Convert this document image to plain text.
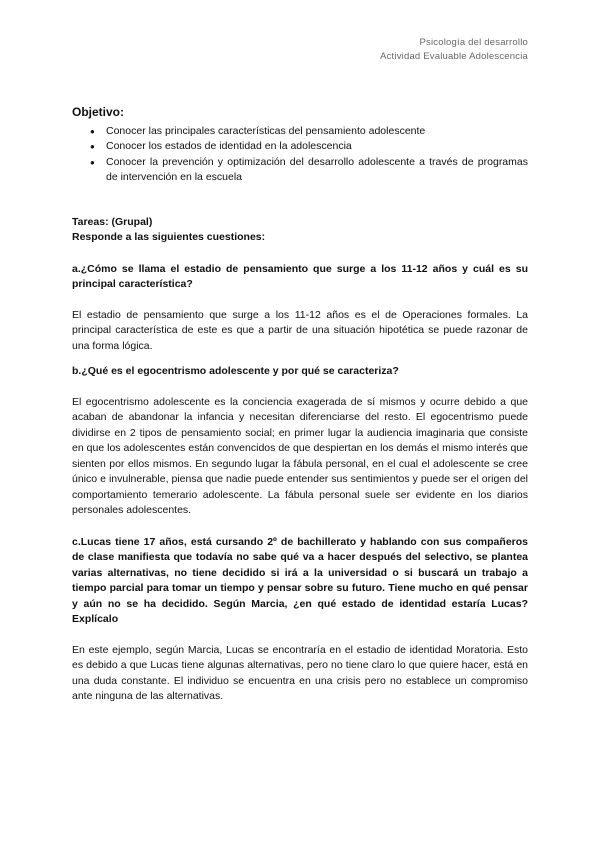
Psicología del desarrollo
Actividad Evaluable Adolescencia
Objetivo:
● Conocer las principales características del pensamiento adolescente
● Conocer los estados de identidad en la adolescencia
● Conocer la prevención y optimización del desarrollo adolescente a través de programas de intervención en la escuela
Tareas: (Grupal)
Responde a las siguientes cuestiones:
a.¿Cómo se llama el estadio de pensamiento que surge a los 11-12 años y cuál es su principal característica?
El estadio de pensamiento que surge a los 11-12 años es el de Operaciones formales. La principal característica de este es que a partir de una situación hipotética se puede razonar de una forma lógica.
b.¿Qué es el egocentrismo adolescente y por qué se caracteriza?
El egocentrismo adolescente es la conciencia exagerada de sí mismos y ocurre debido a que acaban de abandonar la infancia y necesitan diferenciarse del resto. El egocentrismo puede dividirse en 2 tipos de pensamiento social; en primer lugar la audiencia imaginaria que consiste en que los adolescentes están convencidos de que despiertan en los demás el mismo interés que sienten por ellos mismos. En segundo lugar la fábula personal, en el cual el adolescente se cree único e invulnerable, piensa que nadie puede entender sus sentimientos y puede ser el origen del comportamiento temerario adolescente. La fábula personal suele ser evidente en los diarios personales adolescentes.
c.Lucas tiene 17 años, está cursando 2º de bachillerato y hablando con sus compañeros de clase manifiesta que todavía no sabe qué va a hacer después del selectivo, se plantea varias alternativas, no tiene decidido si irá a la universidad o si buscará un trabajo a tiempo parcial para tomar un tiempo y pensar sobre su futuro. Tiene mucho en qué pensar y aún no se ha decidido. Según Marcia, ¿en qué estado de identidad estaría Lucas? Explícalo
En este ejemplo, según Marcia, Lucas se encontraría en el estadio de identidad Moratoria. Esto es debido a que Lucas tiene algunas alternativas, pero no tiene claro lo que quiere hacer, está en una duda constante. El individuo se encuentra en una crisis pero no establece un compromiso ante ninguna de las alternativas.
